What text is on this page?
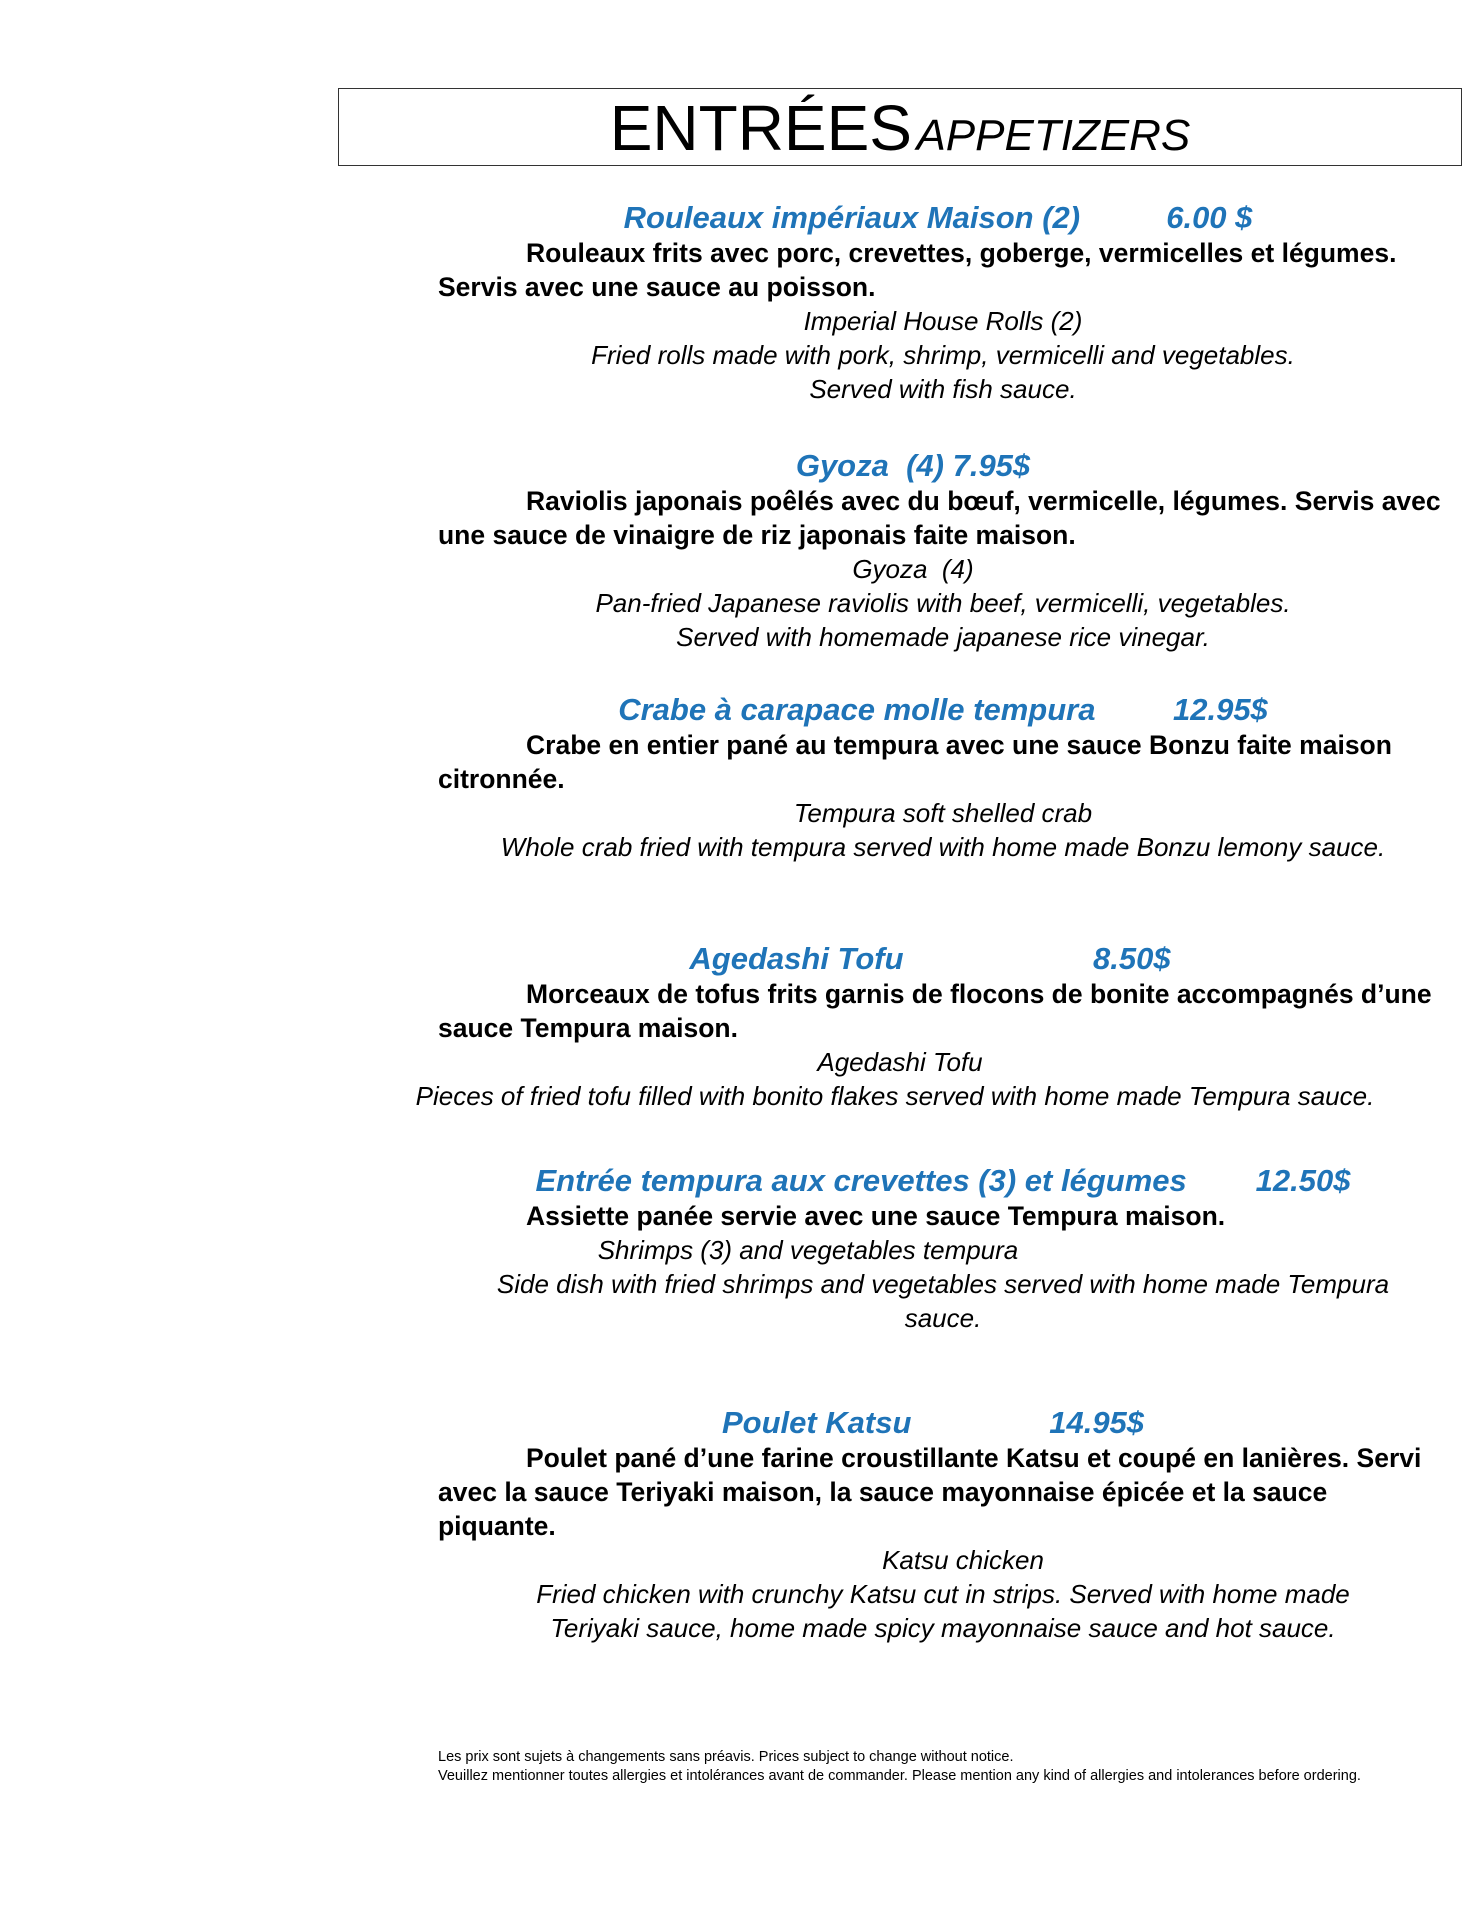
ENTRÉES APPETIZERS
Rouleaux impériaux Maison (2)          6.00 $

Rouleaux frits avec porc, crevettes, goberge, vermicelles et légumes. Servis avec une sauce au poisson.

Imperial House Rolls (2)
Fried rolls made with pork, shrimp, vermicelli and vegetables.
Served with fish sauce.
Gyoza  (4) 7.95$

Raviolis japonais poêlés avec du bœuf, vermicelle, légumes. Servis avec une sauce de vinaigre de riz japonais faite maison.

Gyoza  (4)
Pan-fried Japanese raviolis with beef, vermicelli, vegetables.
Served with homemade japanese rice vinegar.
Crabe à carapace molle tempura         12.95$

Crabe en entier pané au tempura avec une sauce Bonzu faite maison citronnée.

Tempura soft shelled crab
Whole crab fried with tempura served with home made Bonzu lemony sauce.
Agedashi Tofu                      8.50$

Morceaux de tofus frits garnis de flocons de bonite accompagnés d’une sauce Tempura maison.

Agedashi Tofu
Pieces of fried tofu filled with bonito flakes served with home made Tempura sauce.
Entrée tempura aux crevettes (3) et légumes        12.50$

Assiette panée servie avec une sauce Tempura maison.

Shrimps (3) and vegetables tempura
Side dish with fried shrimps and vegetables served with home made Tempura
sauce.
Poulet Katsu                14.95$

Poulet pané d’une farine croustillante Katsu et coupé en lanières. Servi avec la sauce Teriyaki maison, la sauce mayonnaise épicée et la sauce piquante.

Katsu chicken
Fried chicken with crunchy Katsu cut in strips. Served with home made
Teriyaki sauce, home made spicy mayonnaise sauce and hot sauce.
Les prix sont sujets à changements sans préavis. Prices subject to change without notice.
Veuillez mentionner toutes allergies et intolérances avant de commander. Please mention any kind of allergies and intolerances before ordering.
